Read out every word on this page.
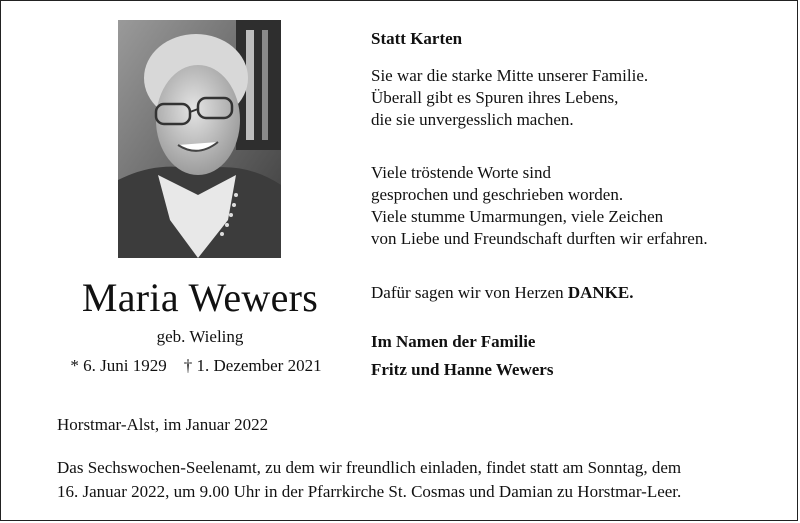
Maria Wewers
geb. Wieling
* 6. Juni 1929 † 1. Dezember 2021
Statt Karten
Sie war die starke Mitte unserer Familie.
Überall gibt es Spuren ihres Lebens,
die sie unvergesslich machen.
Viele tröstende Worte sind
gesprochen und geschrieben worden.
Viele stumme Umarmungen, viele Zeichen
von Liebe und Freundschaft durften wir erfahren.
Dafür sagen wir von Herzen DANKE.
Im Namen der Familie
Fritz und Hanne Wewers
Horstmar-Alst, im Januar 2022
Das Sechswochen-Seelenamt, zu dem wir freundlich einladen, findet statt am Sonntag, dem
16. Januar 2022, um 9.00 Uhr in der Pfarrkirche St. Cosmas und Damian zu Horstmar-Leer.
